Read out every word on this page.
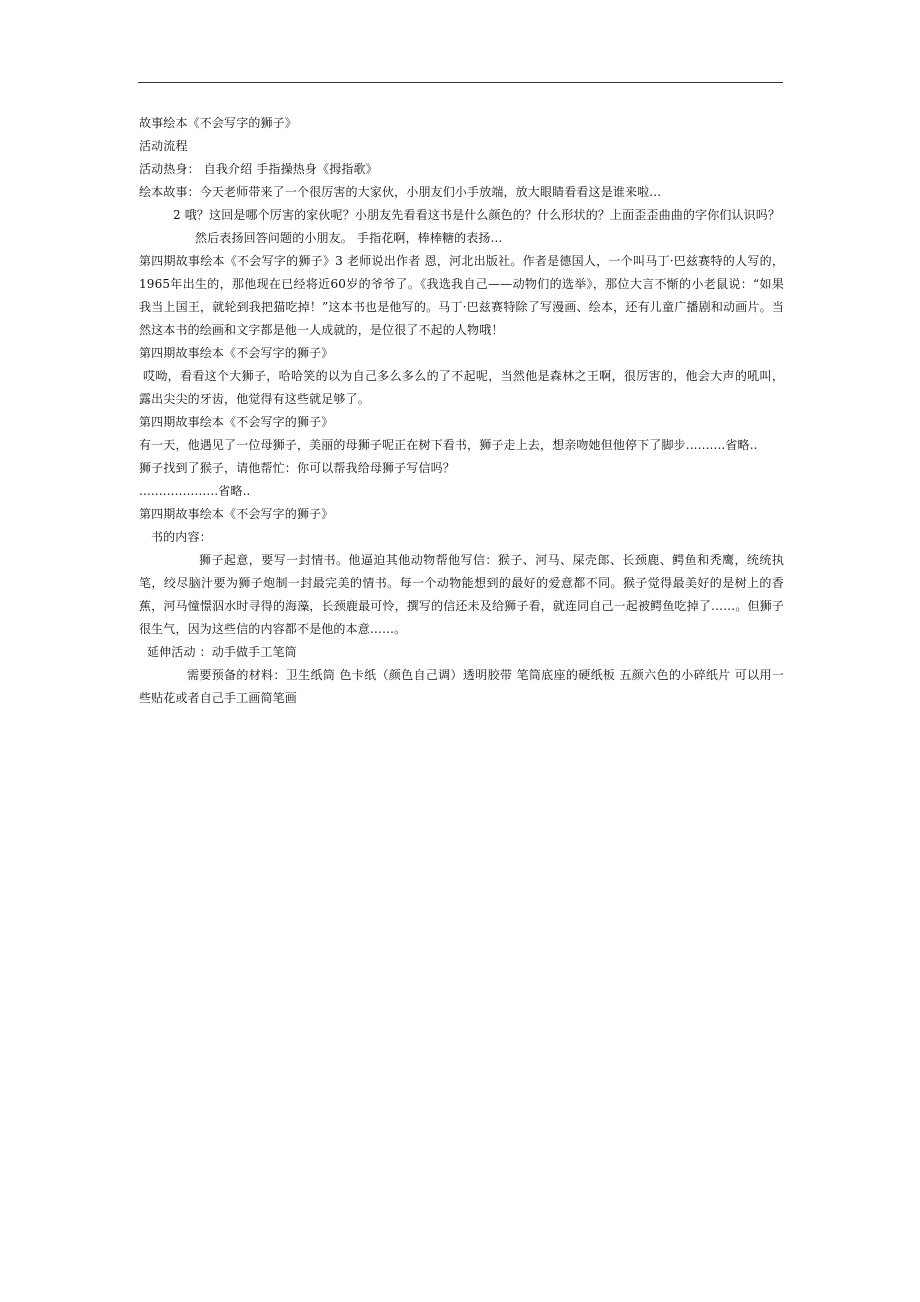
故事绘本《不会写字的狮子》

活动流程

活动热身： 自我介绍 手指操热身《拇指歌》

绘本故事：今天老师带来了一个很厉害的大家伙，小朋友们小手放端，放大眼睛看看这是谁来啦...

2 哦？这回是哪个厉害的家伙呢？小朋友先看看这书是什么颜色的？什么形状的？上面歪歪曲曲的字你们认识吗？

然后表扬回答问题的小朋友。 手指花啊，棒棒糖的表扬...

第四期故事绘本《不会写字的狮子》3 老师说出作者 恩，河北出版社。作者是德国人，一个叫马丁·巴兹赛特的人写的，1965年出生的，那他现在已经将近60岁的爷爷了。《我选我自己——动物们的选举》，那位大言不惭的小老鼠说：“如果我当上国王，就轮到我把猫吃掉！”这本书也是他写的。马丁·巴兹赛特除了写漫画、绘本，还有儿童广播剧和动画片。当然这本书的绘画和文字都是他一人成就的，是位很了不起的人物哦！

第四期故事绘本《不会写字的狮子》

哎呦，看看这个大狮子，哈哈笑的以为自己多么多么的了不起呢，当然他是森林之王啊，很厉害的，他会大声的吼叫，露出尖尖的牙齿，他觉得有这些就足够了。

第四期故事绘本《不会写字的狮子》

有一天，他遇见了一位母狮子，美丽的母狮子呢正在树下看书，狮子走上去，想亲吻她但他停下了脚步..........省略..

狮子找到了猴子，请他帮忙：你可以帮我给母狮子写信吗？

....................省略..

第四期故事绘本《不会写字的狮子》

书的内容：

狮子起意，要写一封情书。他逼迫其他动物帮他写信：猴子、河马、屎壳郎、长颈鹿、鳄鱼和秃鹰，统统执笔，绞尽脑汁要为狮子炮制一封最完美的情书。每一个动物能想到的最好的爱意都不同。猴子觉得最美好的是树上的香蕉，河马憧憬泅水时寻得的海藻，长颈鹿最可怜，撰写的信还未及给狮子看，就连同自己一起被鳄鱼吃掉了……。但狮子很生气，因为这些信的内容都不是他的本意……。

延伸活动 ：动手做手工笔筒

需要预备的材料：卫生纸筒 色卡纸（颜色自己调）透明胶带 笔筒底座的硬纸板 五颜六色的小碎纸片 可以用一些贴花或者自己手工画简笔画
